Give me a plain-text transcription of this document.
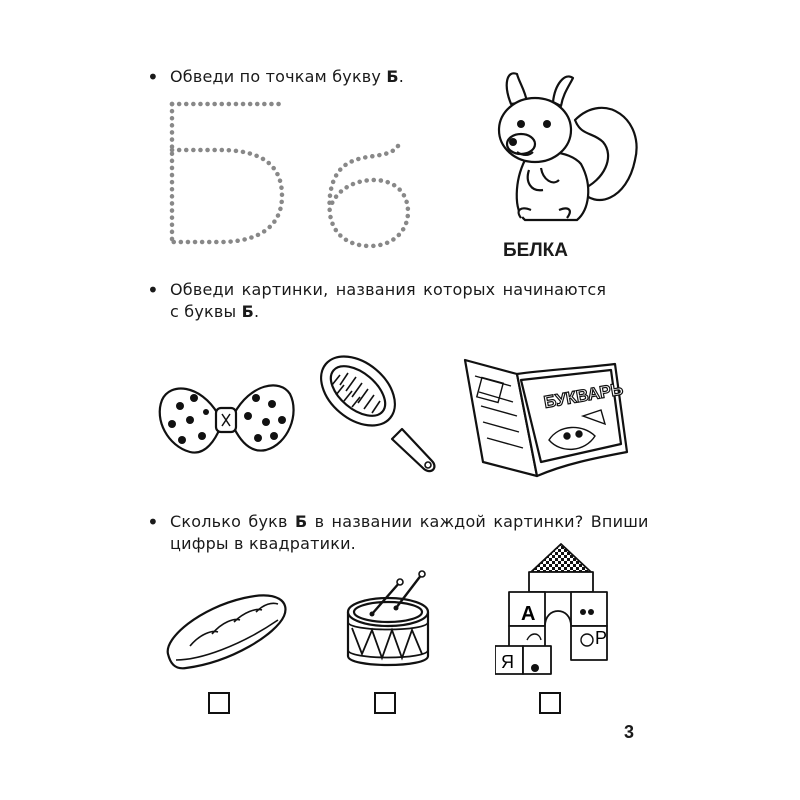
• Обведи по точкам букву Б.
БЕЛКА
• Обведи картинки, названия которых начинаются
с буквы Б.
БУКВАРЬ
• Сколько букв Б в названии каждой картинки? Впиши
цифры в квадратики.
А
Р
Я
3
